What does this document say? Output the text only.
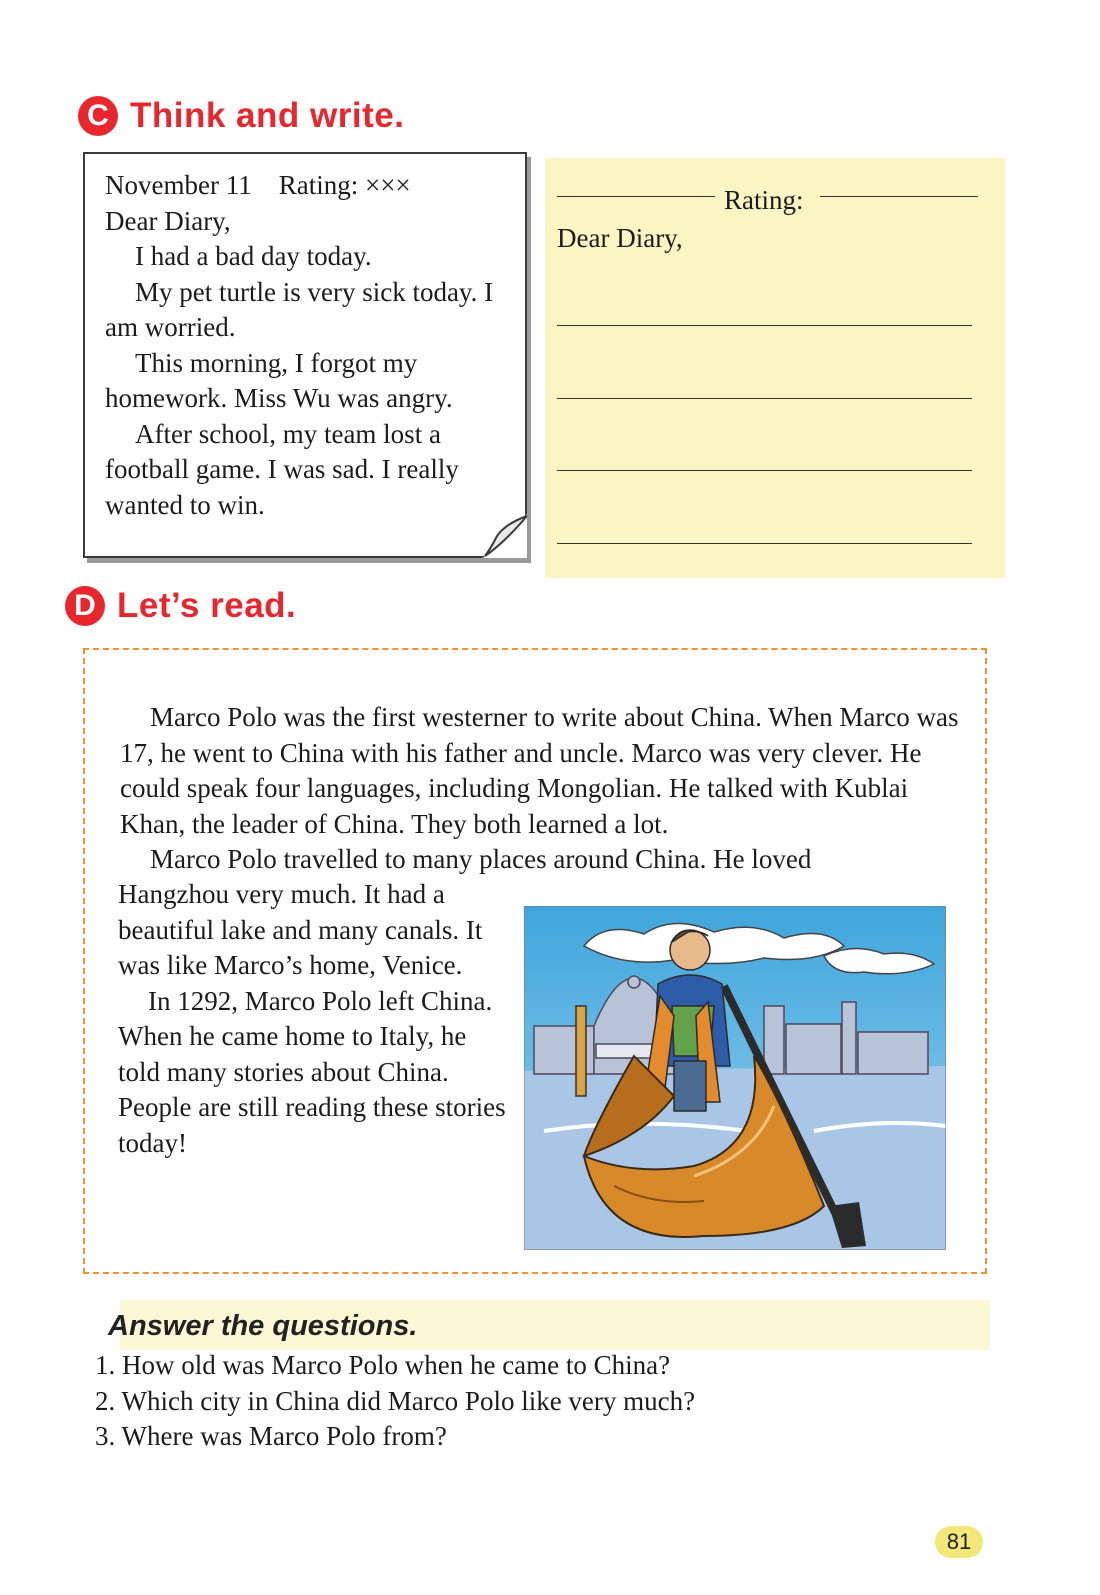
C Think and write.
November 11 Rating: ×××
Dear Diary,
I had a bad day today.
My pet turtle is very sick today. I am worried.
This morning, I forgot my homework. Miss Wu was angry.
After school, my team lost a football game. I was sad. I really wanted to win.
Rating:
Dear Diary,
D Let’s read.

Marco Polo was the first westerner to write about China. When Marco was 17, he went to China with his father and uncle. Marco was very clever. He could speak four languages, including Mongolian. He talked with Kublai Khan, the leader of China. They both learned a lot.

Marco Polo travelled to many places around China. He loved

Hangzhou very much. It had a beautiful lake and many canals. It was like Marco’s home, Venice.

In 1292, Marco Polo left China. When he came home to Italy, he told many stories about China. People are still reading these stories today!

Answer the questions.
1. How old was Marco Polo when he came to China?
2. Which city in China did Marco Polo like very much?
3. Where was Marco Polo from?
81
